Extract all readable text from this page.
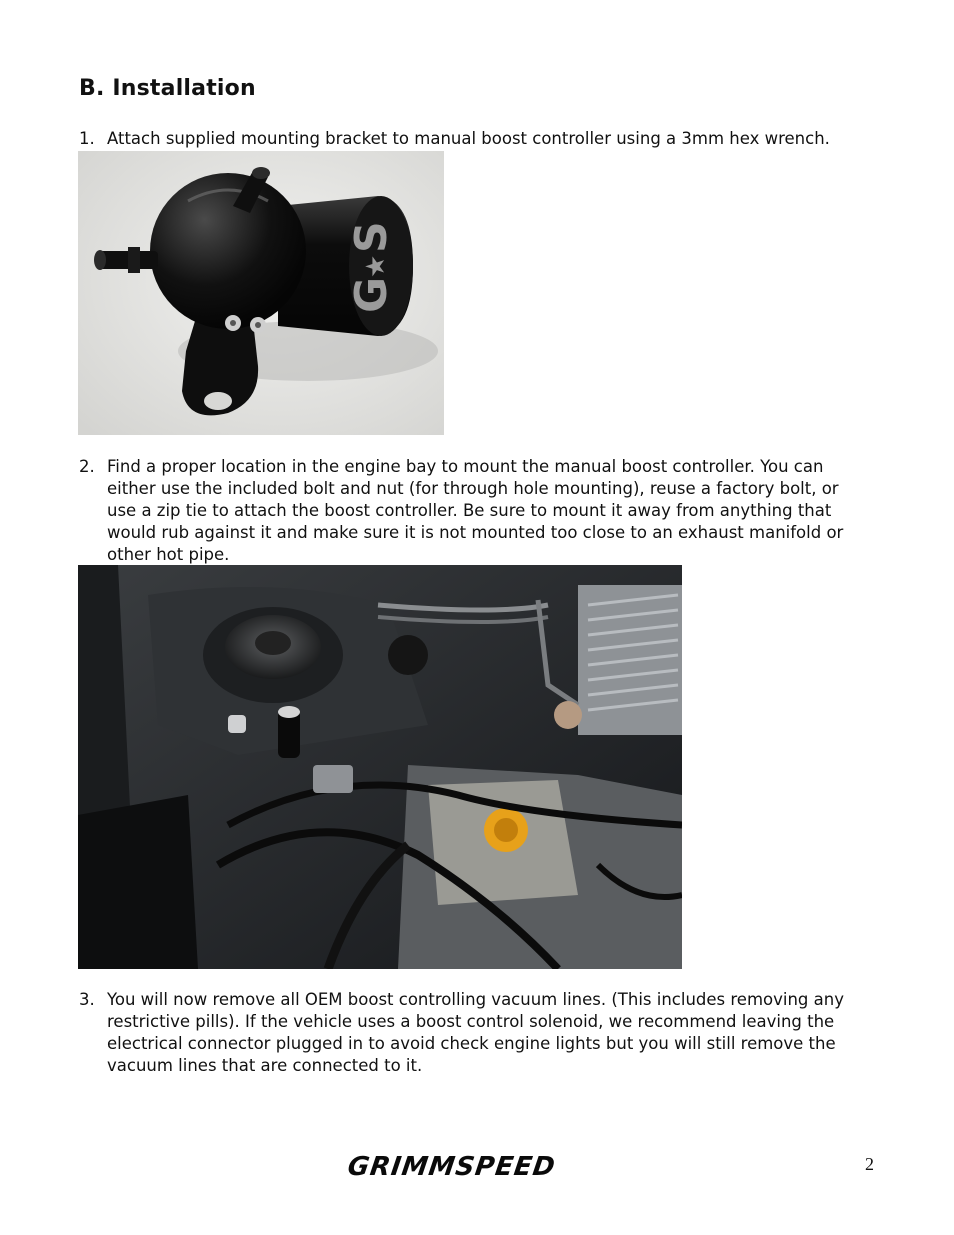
B. Installation
1. Attach supplied mounting bracket to manual boost controller using a 3mm hex wrench.
G
★
S
2. Find a proper location in the engine bay to mount the manual boost controller. You can either use the included bolt and nut (for through hole mounting), reuse a factory bolt, or use a zip tie to attach the boost controller. Be sure to mount it away from anything that would rub against it and make sure it is not mounted too close to an exhaust manifold or other hot pipe.
3. You will now remove all OEM boost controlling vacuum lines. (This includes removing any restrictive pills). If the vehicle uses a boost control solenoid, we recommend leaving the electrical connector plugged in to avoid check engine lights but you will still remove the vacuum lines that are connected to it.
GRIMMSPEED	2
